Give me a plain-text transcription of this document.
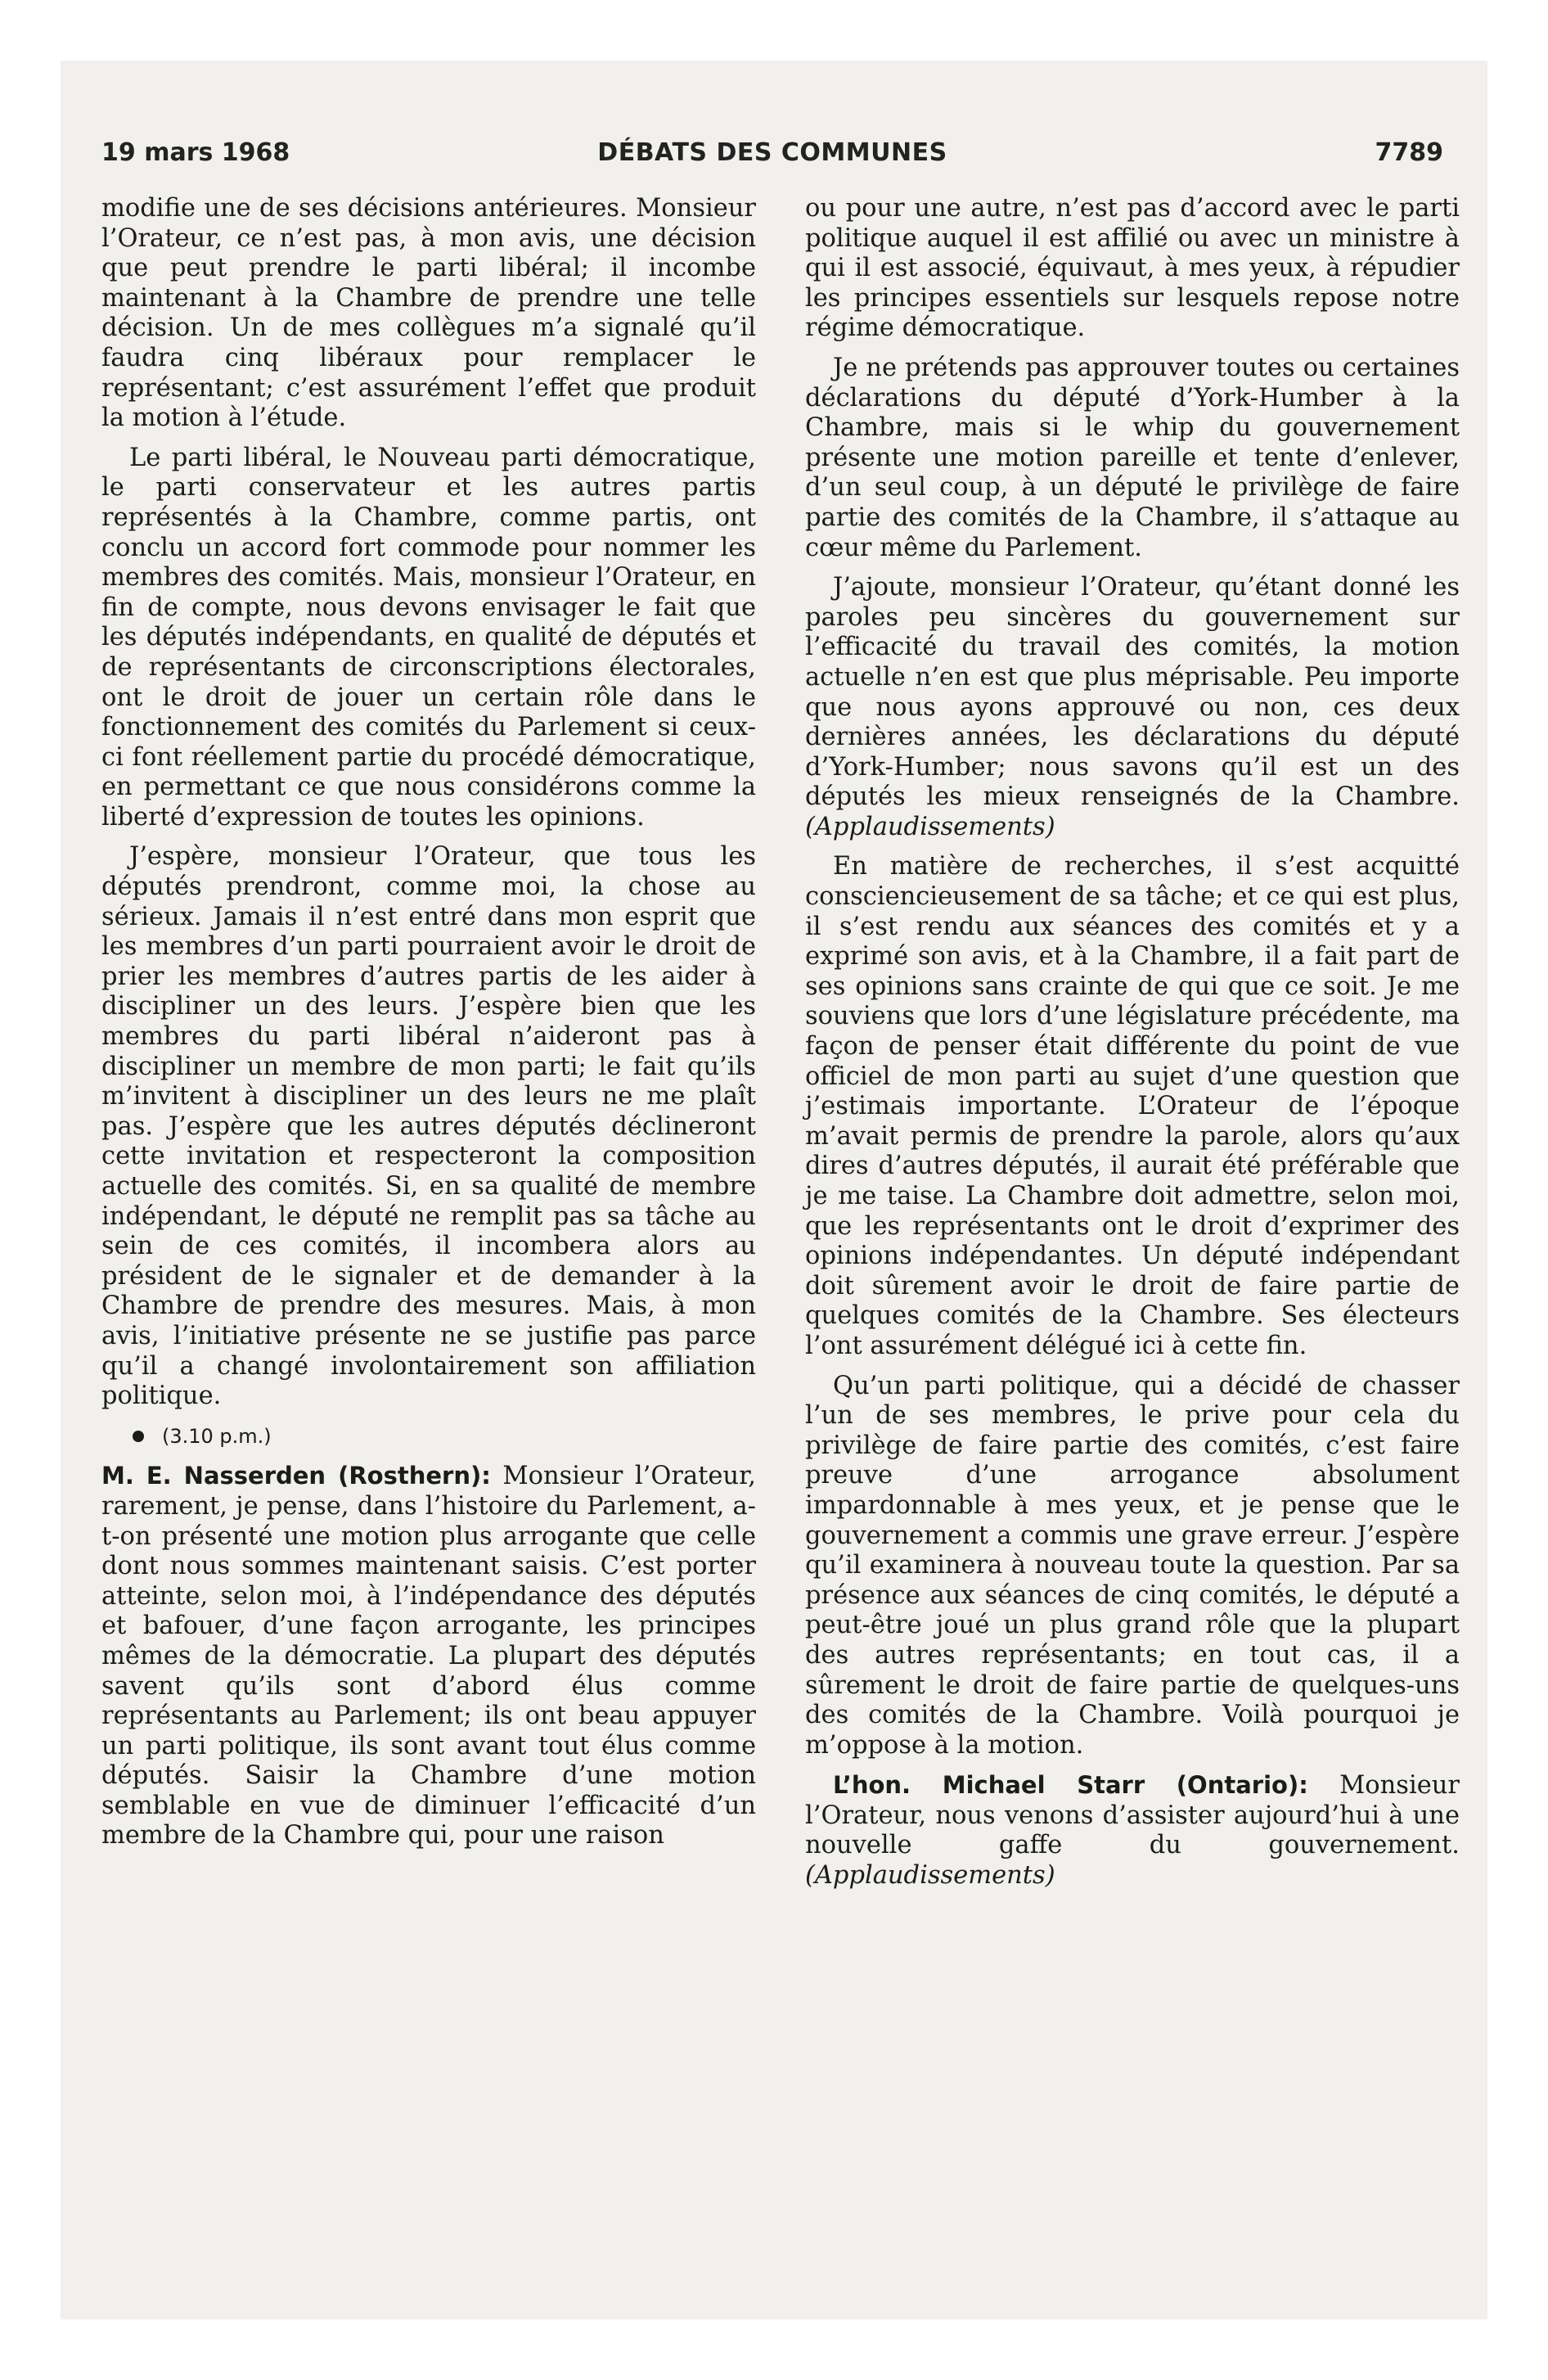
19 mars 1968	DÉBATS DES COMMUNES	7789

modifie une de ses décisions antérieures. Monsieur l’Orateur, ce n’est pas, à mon avis, une décision que peut prendre le parti libéral; il incombe maintenant à la Chambre de prendre une telle décision. Un de mes collègues m’a signalé qu’il faudra cinq libéraux pour remplacer le représentant; c’est assurément l’effet que produit la motion à l’étude.

Le parti libéral, le Nouveau parti démocratique, le parti conservateur et les autres partis représentés à la Chambre, comme partis, ont conclu un accord fort commode pour nommer les membres des comités. Mais, monsieur l’Orateur, en fin de compte, nous devons envisager le fait que les députés indépendants, en qualité de députés et de représentants de circonscriptions électorales, ont le droit de jouer un certain rôle dans le fonctionnement des comités du Parlement si ceux-ci font réellement partie du procédé démocratique, en permettant ce que nous considérons comme la liberté d’expression de toutes les opinions.

J’espère, monsieur l’Orateur, que tous les députés prendront, comme moi, la chose au sérieux. Jamais il n’est entré dans mon esprit que les membres d’un parti pourraient avoir le droit de prier les membres d’autres partis de les aider à discipliner un des leurs. J’espère bien que les membres du parti libéral n’aideront pas à discipliner un membre de mon parti; le fait qu’ils m’invitent à discipliner un des leurs ne me plaît pas. J’espère que les autres députés déclineront cette invitation et respecteront la composition actuelle des comités. Si, en sa qualité de membre indépendant, le député ne remplit pas sa tâche au sein de ces comités, il incombera alors au président de le signaler et de demander à la Chambre de prendre des mesures. Mais, à mon avis, l’initiative présente ne se justifie pas parce qu’il a changé involontairement son affiliation politique.

(3.10 p.m.)

M. E. Nasserden (Rosthern): Monsieur l’Orateur, rarement, je pense, dans l’histoire du Parlement, a-t-on présenté une motion plus arrogante que celle dont nous sommes maintenant saisis. C’est porter atteinte, selon moi, à l’indépendance des députés et bafouer, d’une façon arrogante, les principes mêmes de la démocratie. La plupart des députés savent qu’ils sont d’abord élus comme représentants au Parlement; ils ont beau appuyer un parti politique, ils sont avant tout élus comme députés. Saisir la Chambre d’une motion semblable en vue de diminuer l’efficacité d’un membre de la Chambre qui, pour une raison

ou pour une autre, n’est pas d’accord avec le parti politique auquel il est affilié ou avec un ministre à qui il est associé, équivaut, à mes yeux, à répudier les principes essentiels sur lesquels repose notre régime démocratique.

Je ne prétends pas approuver toutes ou certaines déclarations du député d’York-Humber à la Chambre, mais si le whip du gouvernement présente une motion pareille et tente d’enlever, d’un seul coup, à un député le privilège de faire partie des comités de la Chambre, il s’attaque au cœur même du Parlement.

J’ajoute, monsieur l’Orateur, qu’étant donné les paroles peu sincères du gouvernement sur l’efficacité du travail des comités, la motion actuelle n’en est que plus méprisable. Peu importe que nous ayons approuvé ou non, ces deux dernières années, les déclarations du député d’York-Humber; nous savons qu’il est un des députés les mieux renseignés de la Chambre. (Applaudissements)

En matière de recherches, il s’est acquitté consciencieusement de sa tâche; et ce qui est plus, il s’est rendu aux séances des comités et y a exprimé son avis, et à la Chambre, il a fait part de ses opinions sans crainte de qui que ce soit. Je me souviens que lors d’une législature précédente, ma façon de penser était différente du point de vue officiel de mon parti au sujet d’une question que j’estimais importante. L’Orateur de l’époque m’avait permis de prendre la parole, alors qu’aux dires d’autres députés, il aurait été préférable que je me taise. La Chambre doit admettre, selon moi, que les représentants ont le droit d’exprimer des opinions indépendantes. Un député indépendant doit sûrement avoir le droit de faire partie de quelques comités de la Chambre. Ses électeurs l’ont assurément délégué ici à cette fin.

Qu’un parti politique, qui a décidé de chasser l’un de ses membres, le prive pour cela du privilège de faire partie des comités, c’est faire preuve d’une arrogance absolument impardonnable à mes yeux, et je pense que le gouvernement a commis une grave erreur. J’espère qu’il examinera à nouveau toute la question. Par sa présence aux séances de cinq comités, le député a peut-être joué un plus grand rôle que la plupart des autres représentants; en tout cas, il a sûrement le droit de faire partie de quelques-uns des comités de la Chambre. Voilà pourquoi je m’oppose à la motion.

L’hon. Michael Starr (Ontario): Monsieur l’Orateur, nous venons d’assister aujourd’hui à une nouvelle gaffe du gouvernement. (Applaudissements)
